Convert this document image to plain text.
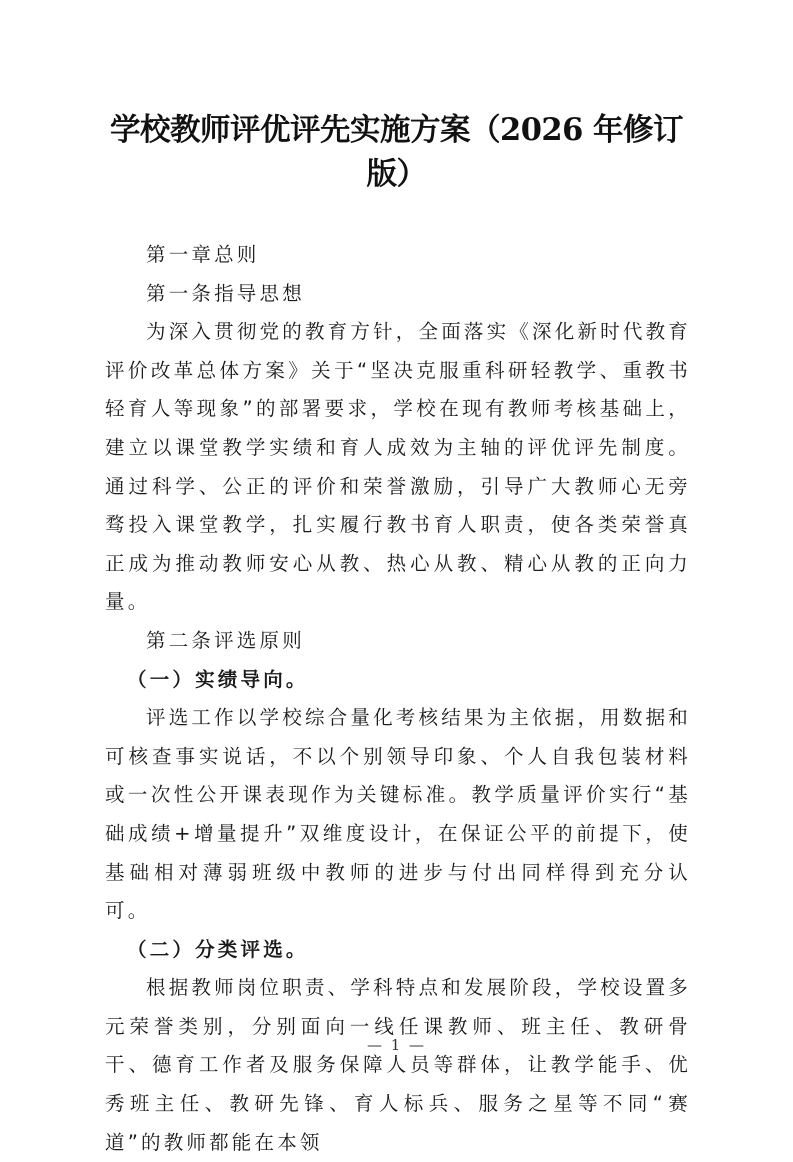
学校教师评优评先实施方案（2026 年修订
版）

第一章总则

第一条指导思想

为深入贯彻党的教育方针，全面落实《深化新时代教育评价改革总体方案》关于“坚决克服重科研轻教学、重教书轻育人等现象”的部署要求，学校在现有教师考核基础上，建立以课堂教学实绩和育人成效为主轴的评优评先制度。通过科学、公正的评价和荣誉激励，引导广大教师心无旁骛投入课堂教学，扎实履行教书育人职责，使各类荣誉真正成为推动教师安心从教、热心从教、精心从教的正向力量。

第二条评选原则

（一）实绩导向。

评选工作以学校综合量化考核结果为主依据，用数据和可核查事实说话，不以个别领导印象、个人自我包装材料或一次性公开课表现作为关键标准。教学质量评价实行“基础成绩+增量提升”双维度设计，在保证公平的前提下，使基础相对薄弱班级中教师的进步与付出同样得到充分认可。

（二）分类评选。

根据教师岗位职责、学科特点和发展阶段，学校设置多元荣誉类别，分别面向一线任课教师、班主任、教研骨干、德育工作者及服务保障人员等群体，让教学能手、优秀班主任、教研先锋、育人标兵、服务之星等不同“赛道”的教师都能在本领

— 1 —
